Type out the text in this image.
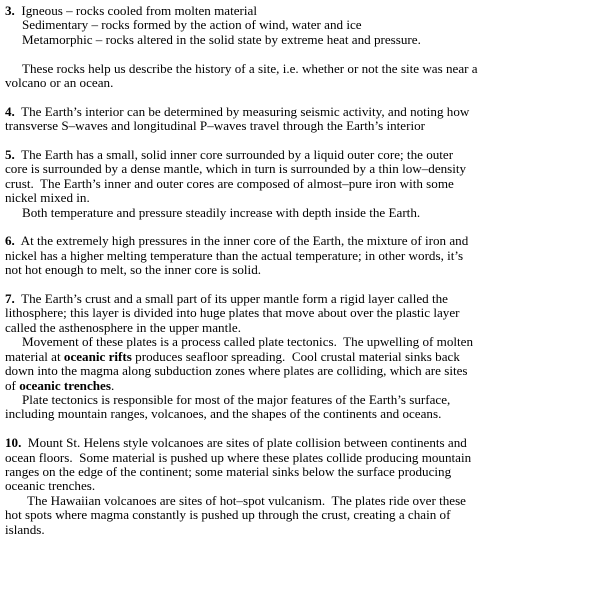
3. Igneous – rocks cooled from molten material
Sedimentary – rocks formed by the action of wind, water and ice
Metamorphic – rocks altered in the solid state by extreme heat and pressure.

These rocks help us describe the history of a site, i.e. whether or not the site was near a
volcano or an ocean.
4. The Earth’s interior can be determined by measuring seismic activity, and noting how
transverse S–waves and longitudinal P–waves travel through the Earth’s interior
5. The Earth has a small, solid inner core surrounded by a liquid outer core; the outer
core is surrounded by a dense mantle, which in turn is surrounded by a thin low–density
crust.  The Earth’s inner and outer cores are composed of almost–pure iron with some
nickel mixed in.
Both temperature and pressure steadily increase with depth inside the Earth.
6. At the extremely high pressures in the inner core of the Earth, the mixture of iron and
nickel has a higher melting temperature than the actual temperature; in other words, it’s
not hot enough to melt, so the inner core is solid.
7. The Earth’s crust and a small part of its upper mantle form a rigid layer called the
lithosphere; this layer is divided into huge plates that move about over the plastic layer
called the asthenosphere in the upper mantle.
Movement of these plates is a process called plate tectonics.  The upwelling of molten
material at oceanic rifts produces seafloor spreading.  Cool crustal material sinks back
down into the magma along subduction zones where plates are colliding, which are sites
of oceanic trenches.
Plate tectonics is responsible for most of the major features of the Earth’s surface,
including mountain ranges, volcanoes, and the shapes of the continents and oceans.
10. Mount St. Helens style volcanoes are sites of plate collision between continents and
ocean floors.  Some material is pushed up where these plates collide producing mountain
ranges on the edge of the continent; some material sinks below the surface producing
oceanic trenches.
The Hawaiian volcanoes are sites of hot–spot vulcanism.  The plates ride over these
hot spots where magma constantly is pushed up through the crust, creating a chain of
islands.
